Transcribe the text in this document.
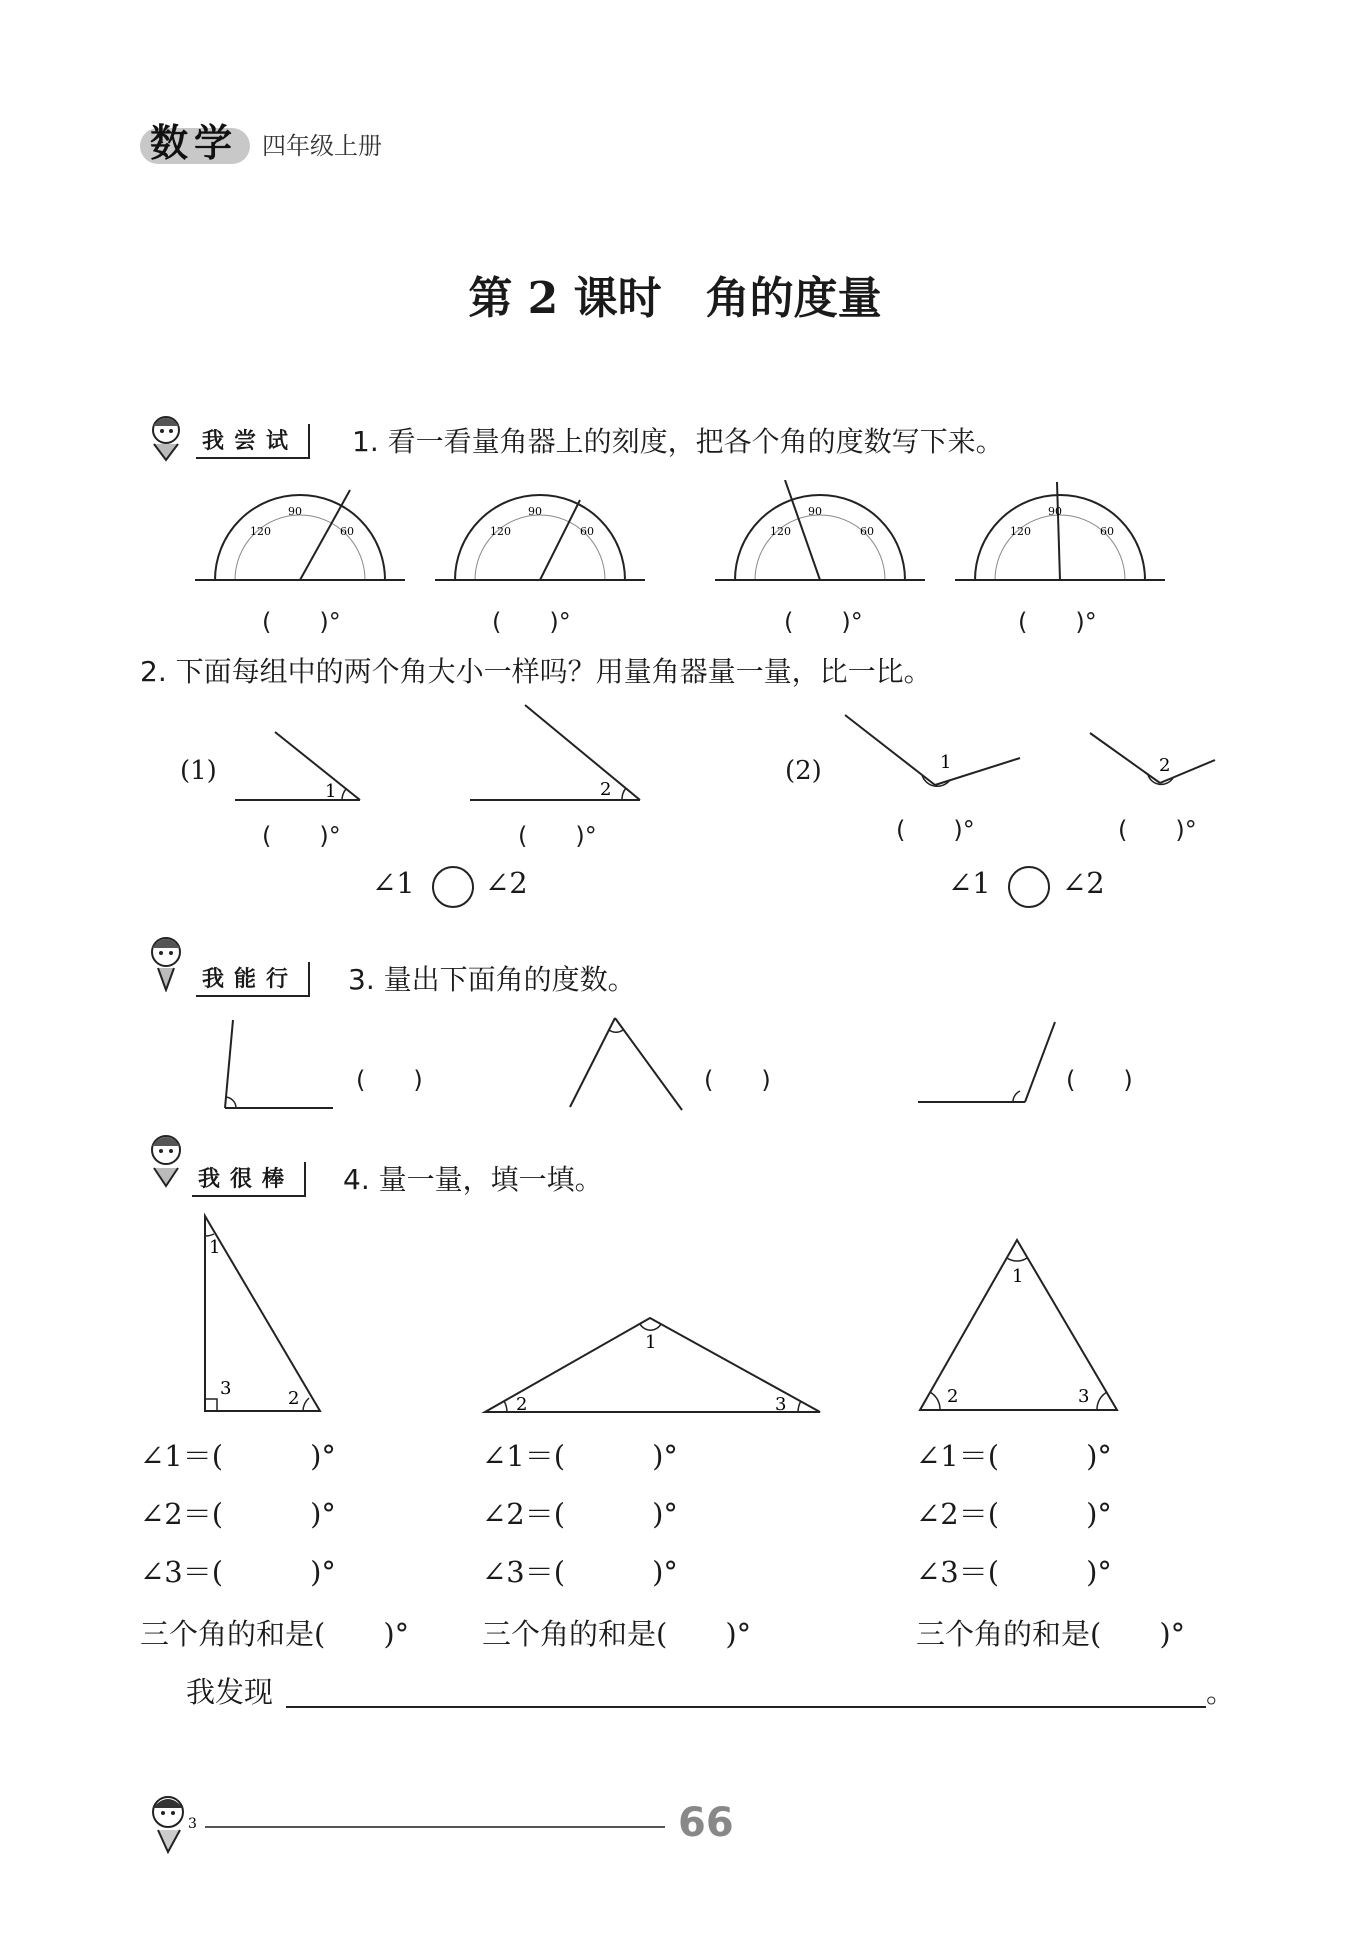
数学 四年级上册
第 2 课时　角的度量
我尝试	1. 看一看量角器上的刻度，把各个角的度数写下来。
90
120	60
90
120	60
90
120	60
90
120	60
(　　)°	(　　)°	(　　)°	(　　)°
2. 下面每组中的两个角大小一样吗？用量角器量一量，比一比。
(1)
1	2
(　　)°	(　　)°
∠1 ∠2
(2)	1	2
(　　)°	(　　)°
∠1 ∠2
我能行	3. 量出下面角的度数。
(　　)	(　　)	(　　)
我很棒	4. 量一量，填一填。
1
2
3
1
2	3
1
2	3
∠1＝(　　　)°
∠2＝(　　　)°
∠3＝(　　　)°
三个角的和是(　　)°
∠1＝(　　　)°
∠2＝(　　　)°
∠3＝(　　　)°
三个角的和是(　　)°
∠1＝(　　　)°
∠2＝(　　　)°
∠3＝(　　　)°
三个角的和是(　　)°
我发现	。
3	66
